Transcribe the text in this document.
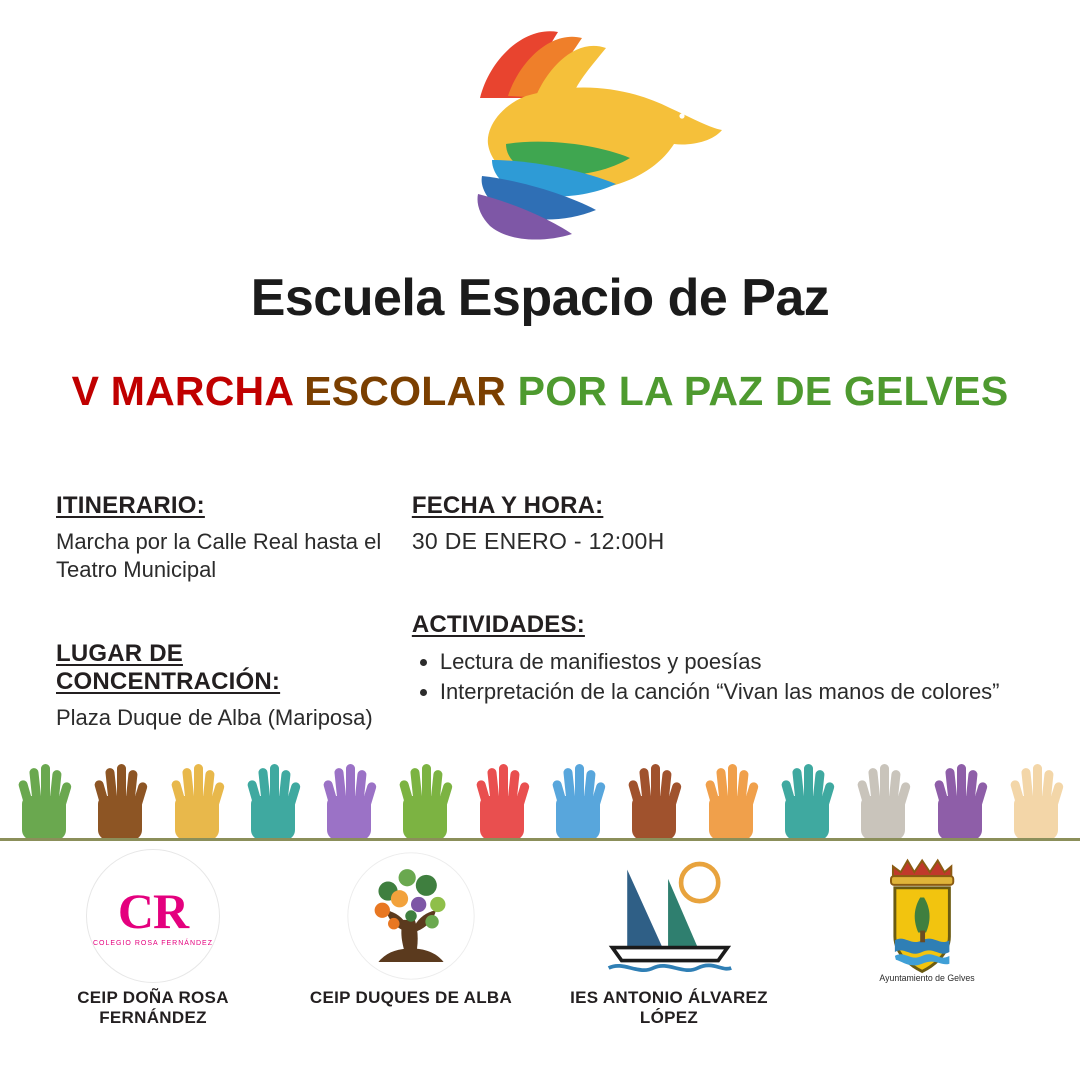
Escuela Espacio de Paz
V MARCHA ESCOLAR POR LA PAZ DE GELVES
ITINERARIO:

Marcha por la Calle Real hasta el Teatro Municipal

LUGAR DE CONCENTRACIÓN:

Plaza Duque de Alba (Mariposa)

FECHA Y HORA:

30 DE ENERO - 12:00H

ACTIVIDADES:
• Lectura de manifiestos y poesías
• Interpretación de la canción “Vivan las manos de colores”
CR
COLEGIO ROSA FERNÁNDEZ
CEIP DOÑA ROSA FERNÁNDEZ
CEIP DUQUES DE ALBA	IES ANTONIO ÁLVAREZ LÓPEZ
Ayuntamiento de Gelves
